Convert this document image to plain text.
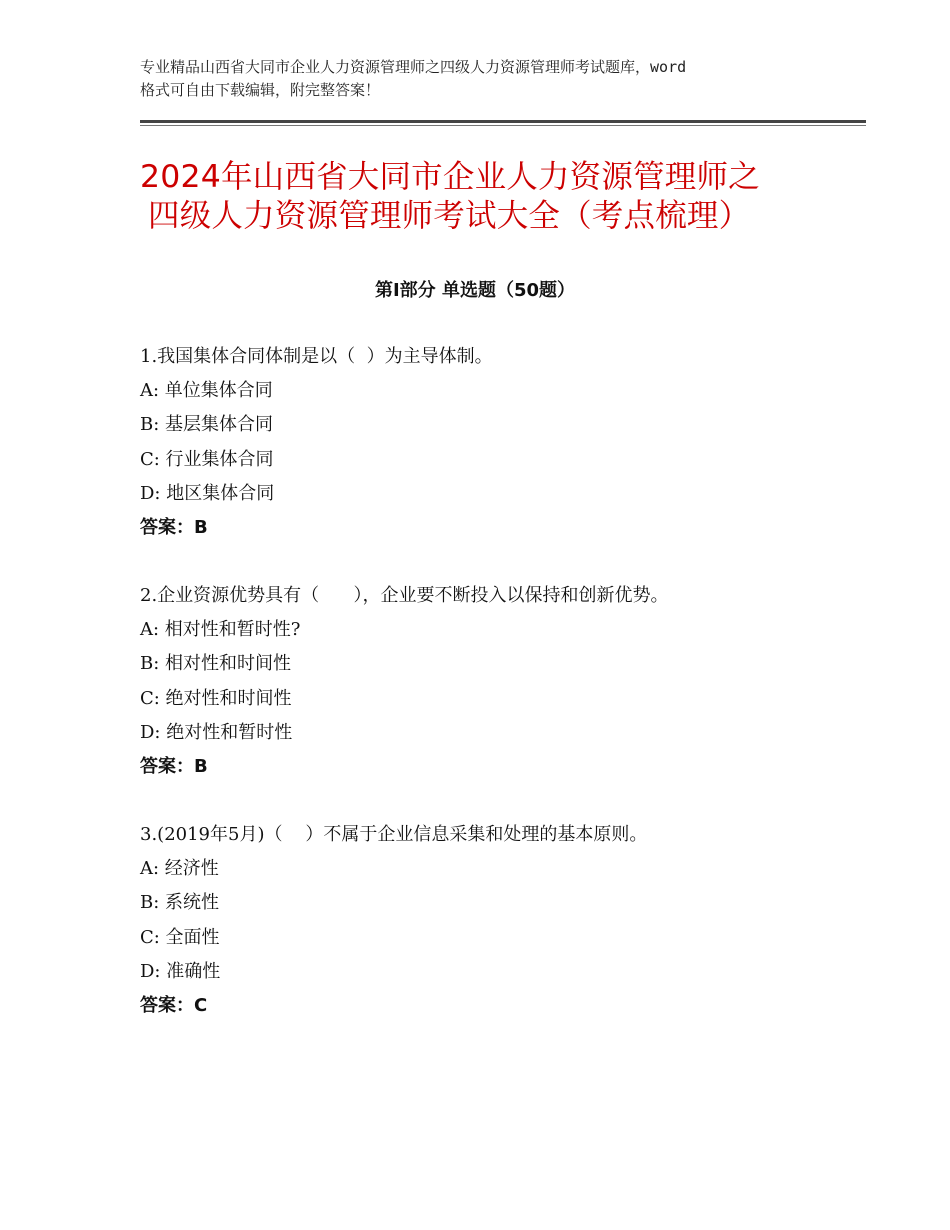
专业精品山西省大同市企业人力资源管理师之四级人力资源管理师考试题库，word
格式可自由下载编辑，附完整答案！
2024年山西省大同市企业人力资源管理师之
四级人力资源管理师考试大全（考点梳理）
第Ⅰ部分 单选题（50题）
1.我国集体合同体制是以（  ）为主导体制。
A: 单位集体合同
B: 基层集体合同
C: 行业集体合同
D: 地区集体合同
答案：B
2.企业资源优势具有（      ），企业要不断投入以保持和创新优势。
A: 相对性和暂时性?
B: 相对性和时间性
C: 绝对性和时间性
D: 绝对性和暂时性
答案：B
3.(2019年5月)（    ）不属于企业信息采集和处理的基本原则。
A: 经济性
B: 系统性
C: 全面性
D: 准确性
答案：C
